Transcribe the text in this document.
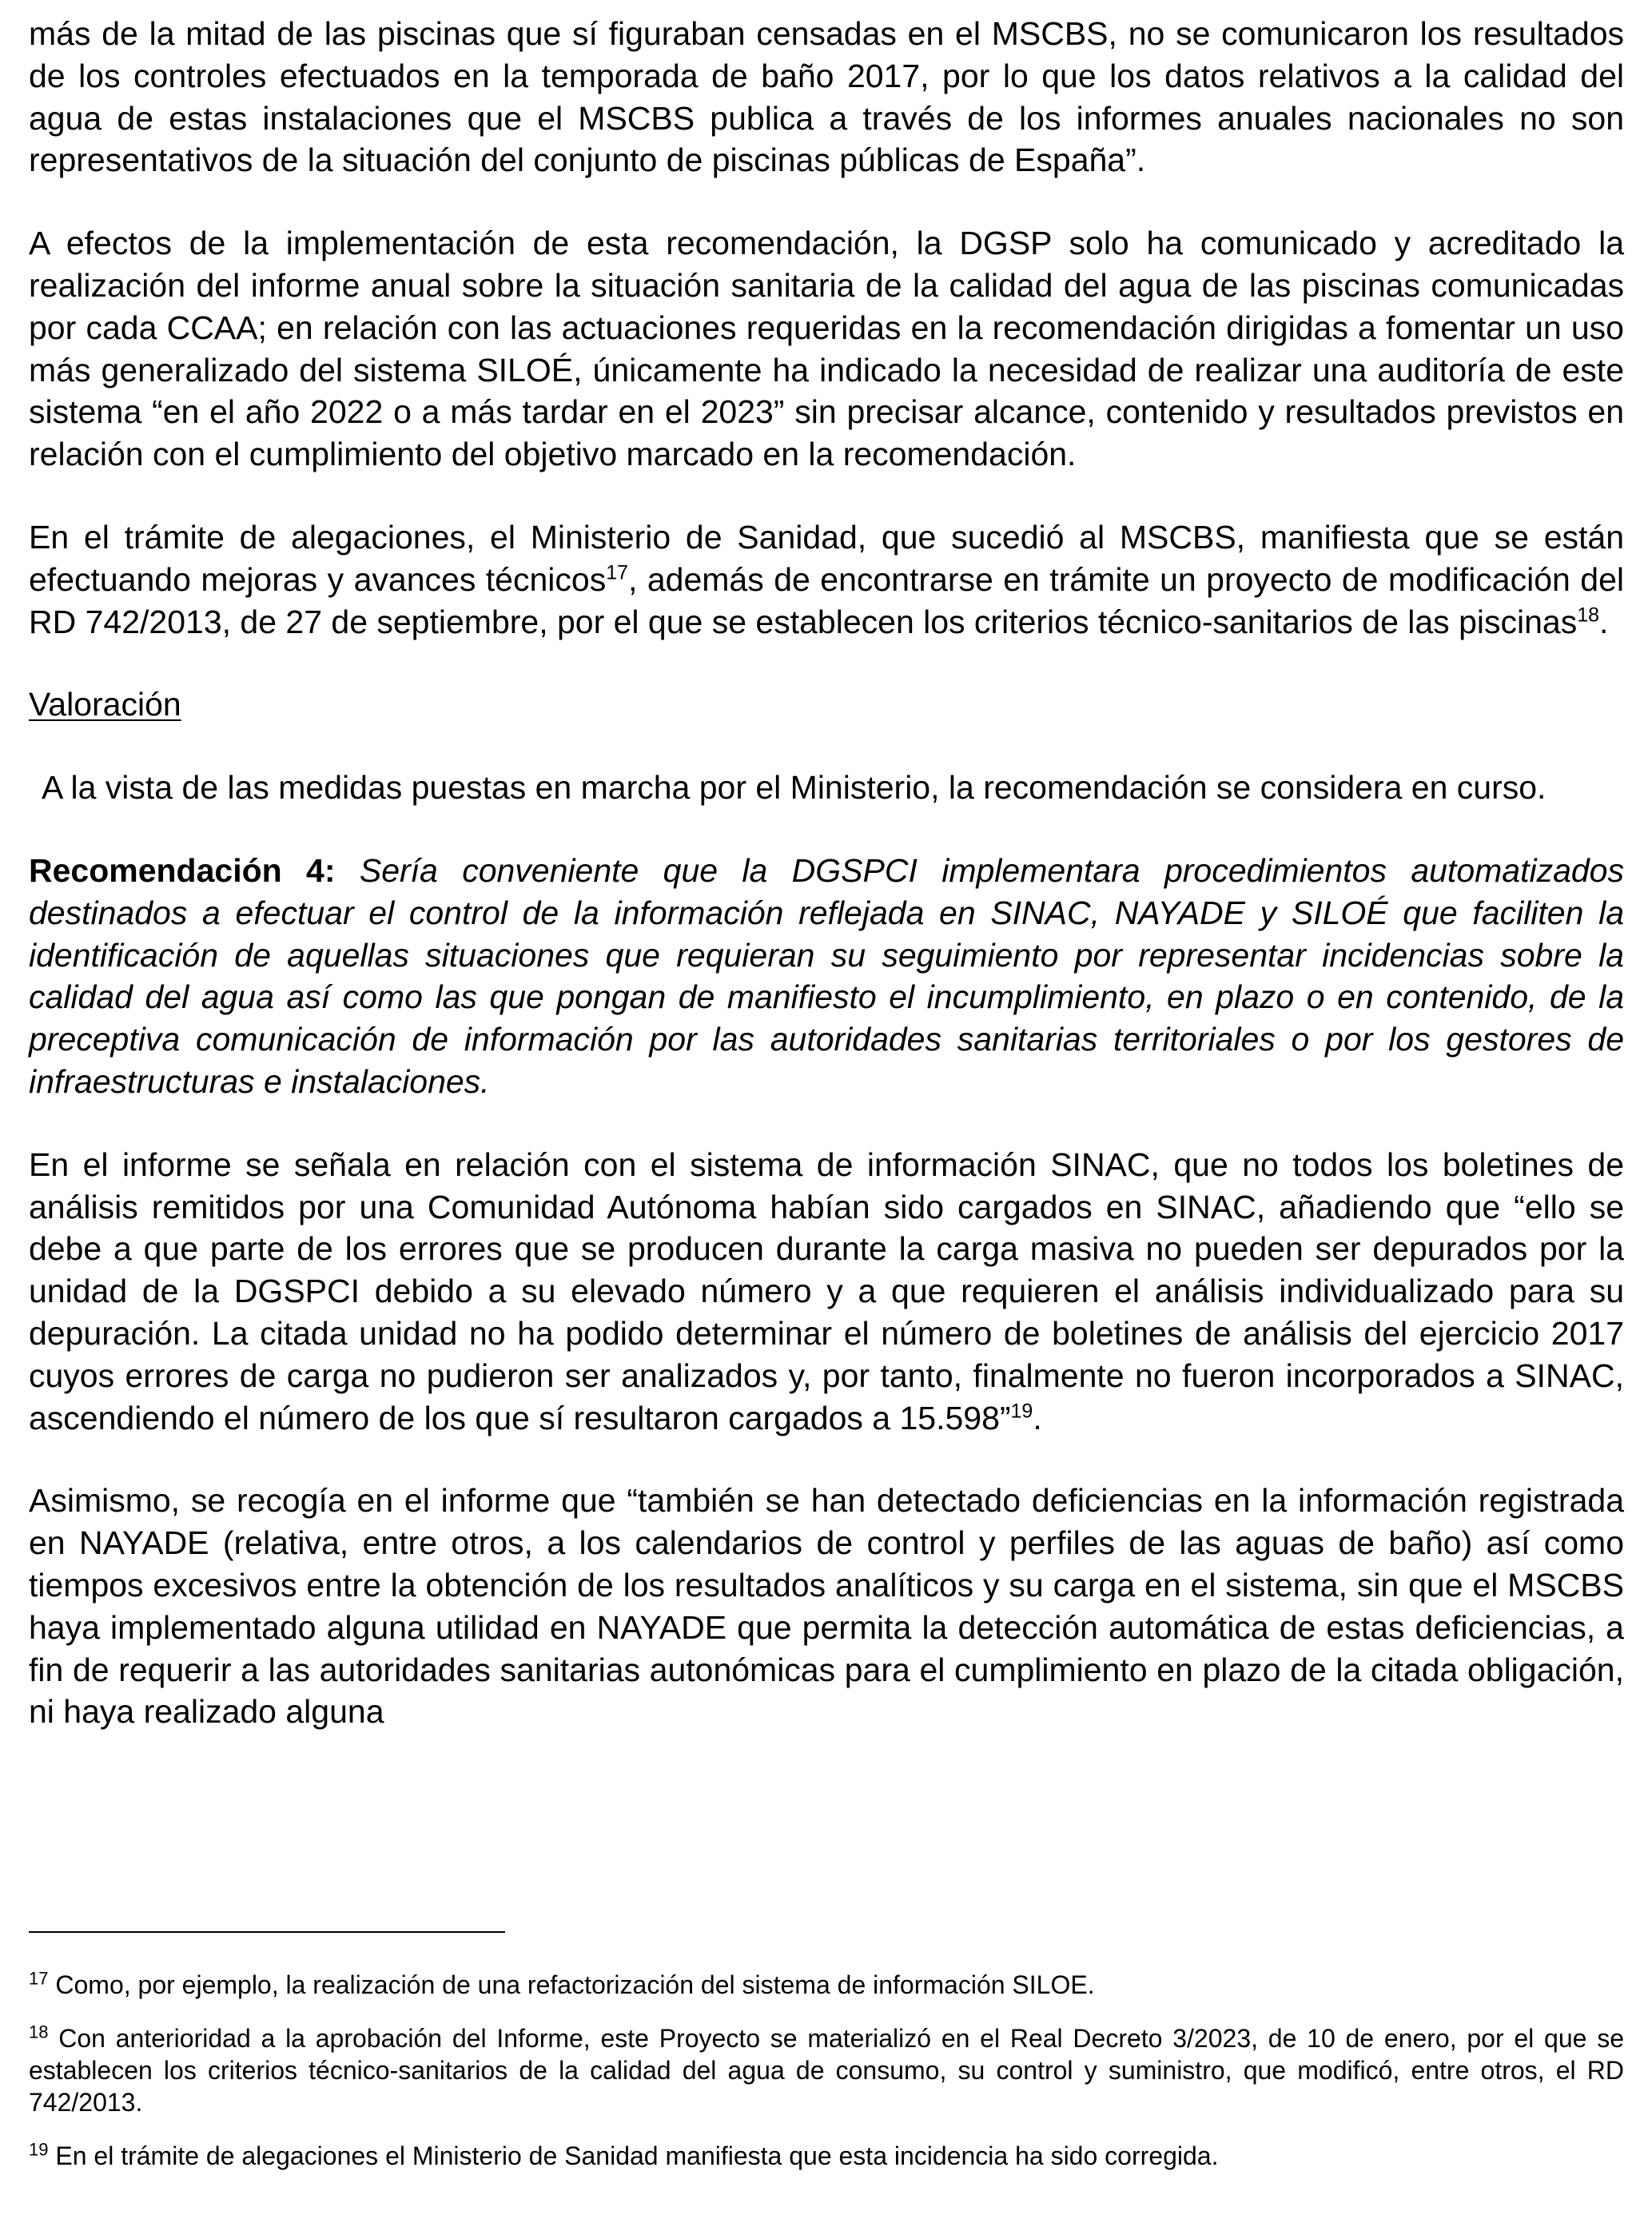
más de la mitad de las piscinas que sí figuraban censadas en el MSCBS, no se comunicaron los resultados de los controles efectuados en la temporada de baño 2017, por lo que los datos relativos a la calidad del agua de estas instalaciones que el MSCBS publica a través de los informes anuales nacionales no son representativos de la situación del conjunto de piscinas públicas de España”.

A efectos de la implementación de esta recomendación, la DGSP solo ha comunicado y acreditado la realización del informe anual sobre la situación sanitaria de la calidad del agua de las piscinas comunicadas por cada CCAA; en relación con las actuaciones requeridas en la recomendación dirigidas a fomentar un uso más generalizado del sistema SILOÉ, únicamente ha indicado la necesidad de realizar una auditoría de este sistema “en el año 2022 o a más tardar en el 2023” sin precisar alcance, contenido y resultados previstos en relación con el cumplimiento del objetivo marcado en la recomendación.

En el trámite de alegaciones, el Ministerio de Sanidad, que sucedió al MSCBS, manifiesta que se están efectuando mejoras y avances técnicos$^{17}$, además de encontrarse en trámite un proyecto de modificación del RD 742/2013, de 27 de septiembre, por el que se establecen los criterios técnico-sanitarios de las piscinas$^{18}$.

Valoración

A la vista de las medidas puestas en marcha por el Ministerio, la recomendación se considera en curso.

Recomendación 4: Sería conveniente que la DGSPCI implementara procedimientos automatizados destinados a efectuar el control de la información reflejada en SINAC, NAYADE y SILOÉ que faciliten la identificación de aquellas situaciones que requieran su seguimiento por representar incidencias sobre la calidad del agua así como las que pongan de manifiesto el incumplimiento, en plazo o en contenido, de la preceptiva comunicación de información por las autoridades sanitarias territoriales o por los gestores de infraestructuras e instalaciones.

En el informe se señala en relación con el sistema de información SINAC, que no todos los boletines de análisis remitidos por una Comunidad Autónoma habían sido cargados en SINAC, añadiendo que “ello se debe a que parte de los errores que se producen durante la carga masiva no pueden ser depurados por la unidad de la DGSPCI debido a su elevado número y a que requieren el análisis individualizado para su depuración. La citada unidad no ha podido determinar el número de boletines de análisis del ejercicio 2017 cuyos errores de carga no pudieron ser analizados y, por tanto, finalmente no fueron incorporados a SINAC, ascendiendo el número de los que sí resultaron cargados a 15.598”$^{19}$.

Asimismo, se recogía en el informe que “también se han detectado deficiencias en la información registrada en NAYADE (relativa, entre otros, a los calendarios de control y perfiles de las aguas de baño) así como tiempos excesivos entre la obtención de los resultados analíticos y su carga en el sistema, sin que el MSCBS haya implementado alguna utilidad en NAYADE que permita la detección automática de estas deficiencias, a fin de requerir a las autoridades sanitarias autonómicas para el cumplimiento en plazo de la citada obligación, ni haya realizado alguna

$^{17}$ Como, por ejemplo, la realización de una refactorización del sistema de información SILOE.

$^{18}$ Con anterioridad a la aprobación del Informe, este Proyecto se materializó en el Real Decreto 3/2023, de 10 de enero, por el que se establecen los criterios técnico-sanitarios de la calidad del agua de consumo, su control y suministro, que modificó, entre otros, el RD 742/2013.

$^{19}$ En el trámite de alegaciones el Ministerio de Sanidad manifiesta que esta incidencia ha sido corregida.
